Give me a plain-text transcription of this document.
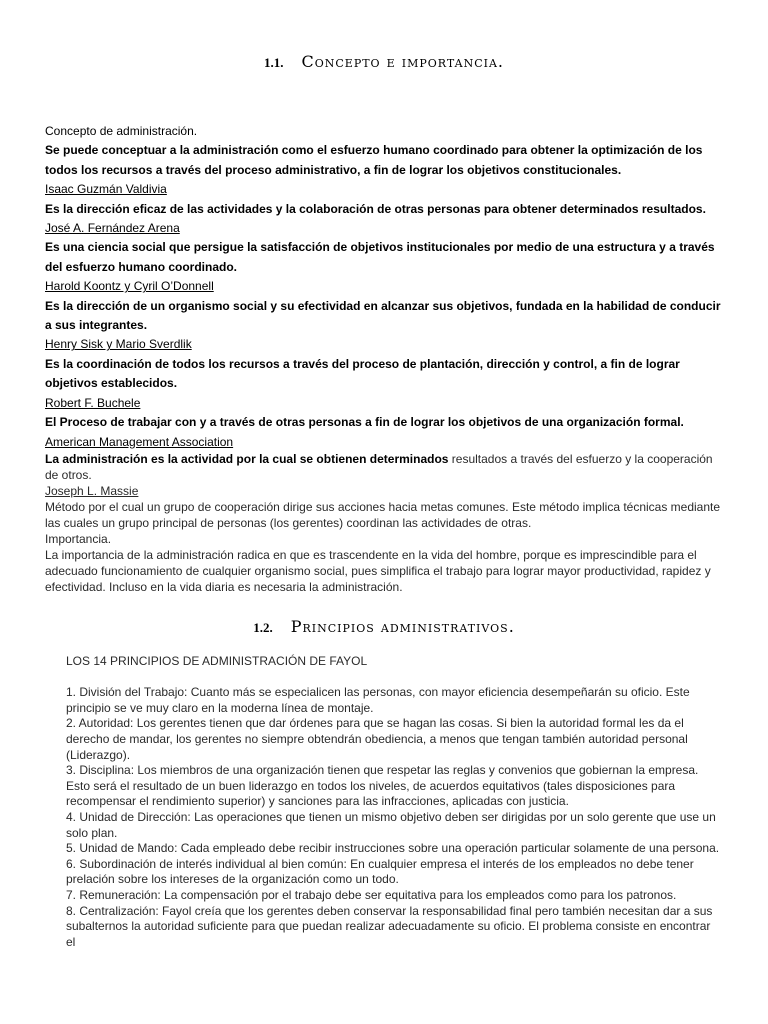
1.1. Concepto e importancia.

Concepto de administración.

Se puede conceptuar a la administración como el esfuerzo humano coordinado para obtener la optimización de los todos los recursos a través del proceso administrativo, a fin de lograr los objetivos constitucionales.

Isaac Guzmán Valdivia

Es la dirección eficaz de las actividades y la colaboración de otras personas para obtener determinados resultados.

José A. Fernández Arena

Es una ciencia social que persigue la satisfacción de objetivos institucionales por medio de una estructura y a través del esfuerzo humano coordinado.

Harold Koontz y Cyril O’Donnell

Es la dirección de un organismo social y su efectividad en alcanzar sus objetivos, fundada en la habilidad de conducir a sus integrantes.

Henry Sisk y Mario Sverdlik

Es la coordinación de todos los recursos a través del proceso de plantación, dirección y control, a fin de lograr objetivos establecidos.

Robert F. Buchele

El Proceso de trabajar con y a través de otras personas a fin de lograr los objetivos de una organización formal.

American Management Association

La administración es la actividad por la cual se obtienen determinados resultados a través del esfuerzo y la cooperación de otros.

Joseph L. Massie

Método por el cual un grupo de cooperación dirige sus acciones hacia metas comunes. Este método implica técnicas mediante las cuales un grupo principal de personas (los gerentes) coordinan las actividades de otras.

Importancia.

La importancia de la administración radica en que es trascendente en la vida del hombre, porque es imprescindible para el adecuado funcionamiento de cualquier organismo social, pues simplifica el trabajo para lograr mayor productividad, rapidez y efectividad. Incluso en la vida diaria es necesaria la administración.

1.2. Principios administrativos.

LOS 14 PRINCIPIOS DE ADMINISTRACIÓN DE FAYOL

1. División del Trabajo: Cuanto más se especialicen las personas, con mayor eficiencia desempeñarán su oficio. Este principio se ve muy claro en la moderna línea de montaje.

2. Autoridad: Los gerentes tienen que dar órdenes para que se hagan las cosas. Si bien la autoridad formal les da el derecho de mandar, los gerentes no siempre obtendrán obediencia, a menos que tengan también autoridad personal (Liderazgo).

3. Disciplina: Los miembros de una organización tienen que respetar las reglas y convenios que gobiernan la empresa. Esto será el resultado de un buen liderazgo en todos los niveles, de acuerdos equitativos (tales disposiciones para recompensar el rendimiento superior) y sanciones para las infracciones, aplicadas con justicia.

4. Unidad de Dirección: Las operaciones que tienen un mismo objetivo deben ser dirigidas por un solo gerente que use un solo plan.

5. Unidad de Mando: Cada empleado debe recibir instrucciones sobre una operación particular solamente de una persona.

6. Subordinación de interés individual al bien común: En cualquier empresa el interés de los empleados no debe tener prelación sobre los intereses de la organización como un todo.

7. Remuneración: La compensación por el trabajo debe ser equitativa para los empleados como para los patronos.

8. Centralización: Fayol creía que los gerentes deben conservar la responsabilidad final pero también necesitan dar a sus subalternos la autoridad suficiente para que puedan realizar adecuadamente su oficio. El problema consiste en encontrar el
